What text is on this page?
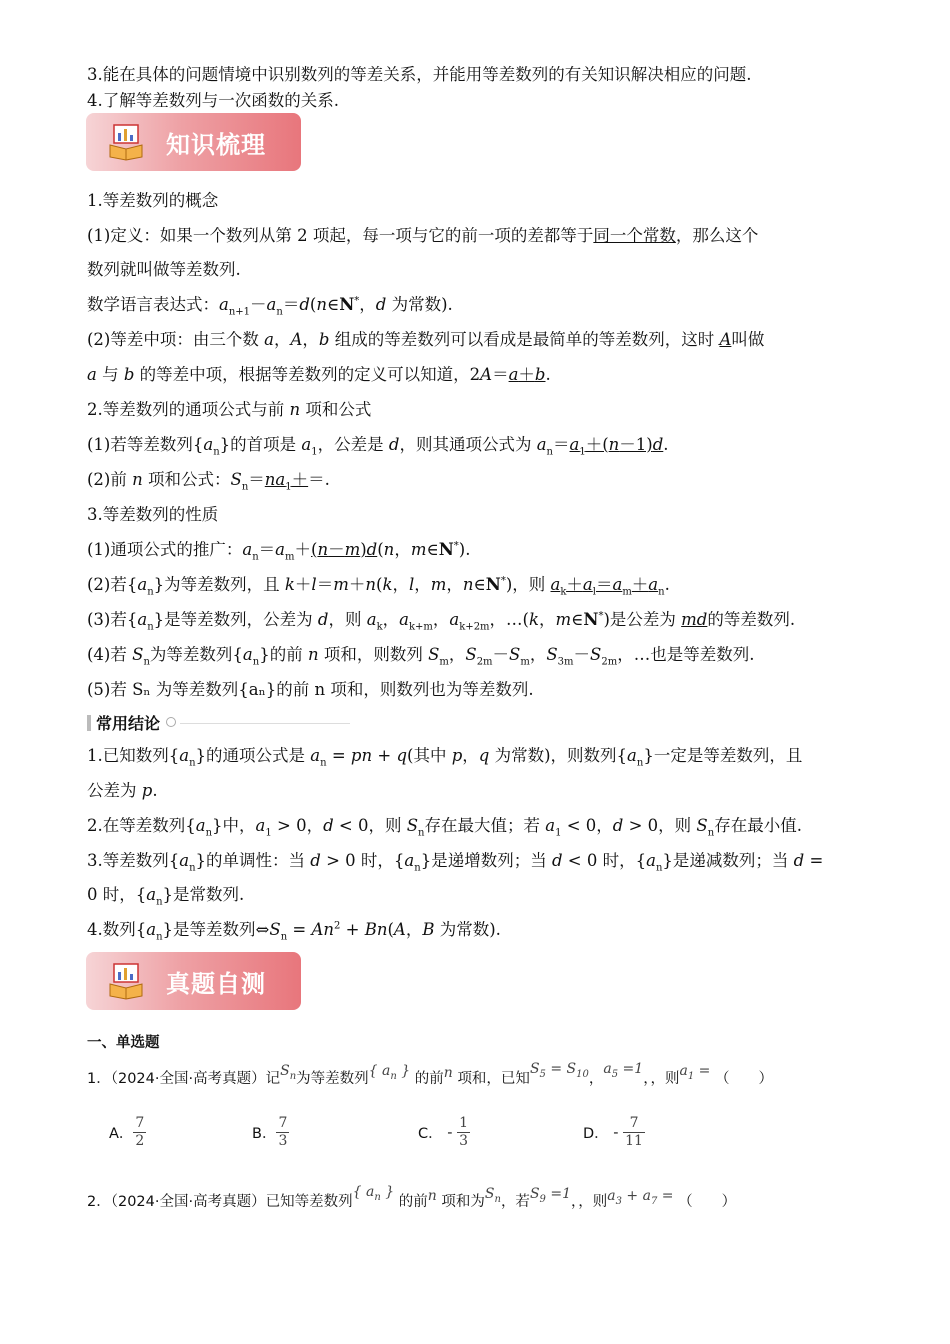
3.能在具体的问题情境中识别数列的等差关系，并能用等差数列的有关知识解决相应的问题.
4.了解等差数列与一次函数的关系.
知识梳理
1.等差数列的概念
(1)定义：如果一个数列从第 2 项起，每一项与它的前一项的差都等于同一个常数，那么这个
数列就叫做等差数列.
数学语言表达式：$a_{n+1}-a_n=d(n\in N^*$，d 为常数).
(2)等差中项：由三个数 a，A，b 组成的等差数列可以看成是最简单的等差数列，这时 A叫做
a 与 b 的等差中项，根据等差数列的定义可以知道，2A＝a＋b.
2.等差数列的通项公式与前 n 项和公式
(1)若等差数列$\{a_n\}$的首项是 $a_1$，公差是 d，则其通项公式为 $a_n=a_1+(n-1)d$.
(2)前 n 项和公式：$S_n=na_1+=$.
3.等差数列的性质
(1)通项公式的推广：$a_n=a_m+(n-m)d(n$，m∈N*).
(2)若$\{a_n\}$为等差数列，且 k＋l＝m＋n(k，l，m，n∈N*)，则 $a_k+a_l=a_m+a_n$.
(3)若$\{a_n\}$是等差数列，公差为 d，则 $a_k$，$a_{k+m}$，$a_{k+2m}$，…(k，m∈N*)是公差为 md的等差数列.
(4)若 $S_n$为等差数列$\{a_n\}$的前 n 项和，则数列 $S_m$，$S_{2m}-S_m$，$S_{3m}-S_{2m}$，…也是等差数列.
(5)若 Sₙ 为等差数列{aₙ}的前 n 项和，则数列也为等差数列.
常用结论
1.已知数列$\{a_n\}$的通项公式是 $a_n$ = pn + q(其中 p，q 为常数)，则数列$\{a_n\}$一定是等差数列，且
公差为 p.
2.在等差数列$\{a_n\}$中，$a_1 > 0$，d < 0，则 $S_n$存在最大值；若 $a_1 < 0$，d > 0，则 $S_n$存在最小值.
3.等差数列$\{a_n\}$的单调性：当 d > 0 时，$\{a_n\}$是递增数列；当 d < 0 时，$\{a_n\}$是递减数列；当 d =
0 时，$\{a_n\}$是常数列.
4.数列$\{a_n\}$是等差数列$\Leftrightarrow S_n = An^2 + Bn(A$，B 为常数).
真题自测
一、单选题
1．（2024·全国·高考真题）记$S_n$为等差数列{ $a_n$ } 的前n 项和，已知$S_5 = S_{10}$，$a_5 =1$，，则$a_1$ = （　　）
A． $\frac{7}{2}$	B． $\frac{7}{3}$	C． - $\frac{1}{3}$	D． - $\frac{7}{11}$
2．（2024·全国·高考真题）已知等差数列{ $a_n$ } 的前n 项和为$S_n$，若$S_9 =1$，，则$a_3 + a_7$ = （　　）
